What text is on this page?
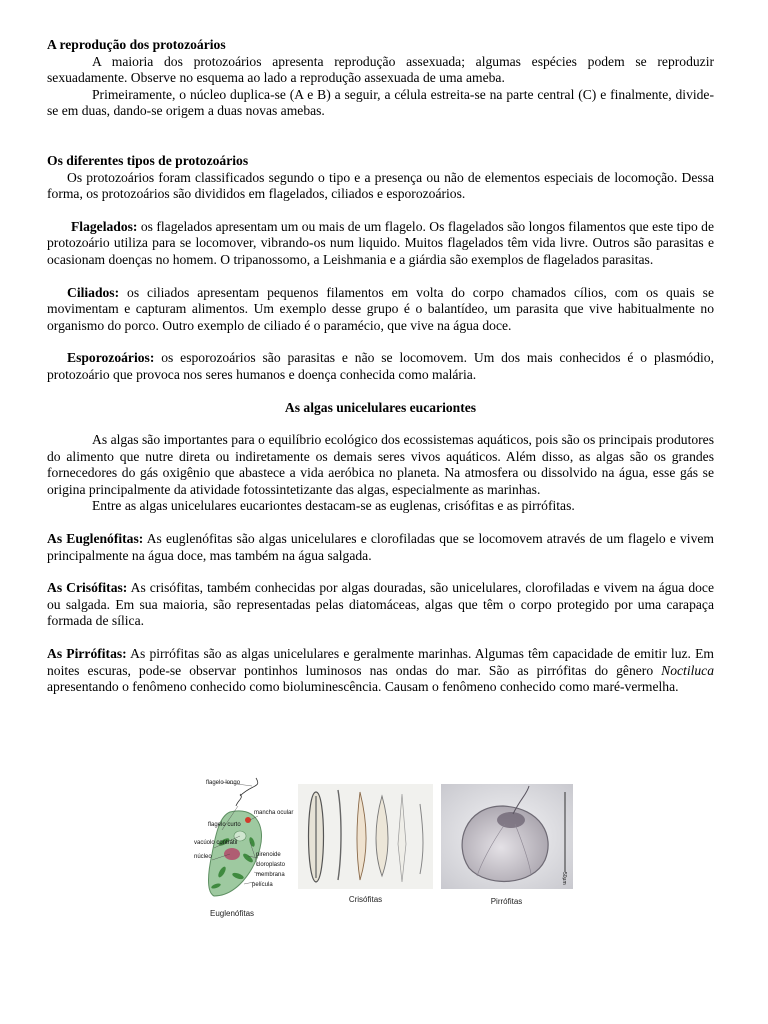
A reprodução dos protozoários

A maioria dos protozoários apresenta reprodução assexuada; algumas espécies podem se reproduzir sexuadamente. Observe no esquema ao lado a reprodução assexuada de uma ameba.

Primeiramente, o núcleo duplica-se (A e B) a seguir, a célula estreita-se na parte central (C) e finalmente, divide-se em duas, dando-se origem a duas novas amebas.

Os diferentes tipos de protozoários

Os protozoários foram classificados segundo o tipo e a presença ou não de elementos especiais de locomoção. Dessa forma, os protozoários são divididos em flagelados, ciliados e esporozoários.

Flagelados: os flagelados apresentam um ou mais de um flagelo. Os flagelados são longos filamentos que este tipo de protozoário utiliza para se locomover, vibrando-os num liquido. Muitos flagelados têm vida livre. Outros são parasitas e ocasionam doenças no homem. O tripanossomo, a Leishmania e a giárdia são exemplos de flagelados parasitas.

Ciliados: os ciliados apresentam pequenos filamentos em volta do corpo chamados cílios, com os quais se movimentam e capturam alimentos. Um exemplo desse grupo é o balantídeo, um parasita que vive habitualmente no organismo do porco. Outro exemplo de ciliado é o paramécio, que vive na água doce.

Esporozoários: os esporozoários são parasitas e não se locomovem. Um dos mais conhecidos é o plasmódio, protozoário que provoca nos seres humanos e doença conhecida como malária.

As algas unicelulares eucariontes

As algas são importantes para o equilíbrio ecológico dos ecossistemas aquáticos, pois são os principais produtores do alimento que nutre direta ou indiretamente os demais seres vivos aquáticos. Além disso, as algas são os grandes fornecedores do gás oxigênio que abastece a vida aeróbica no planeta. Na atmosfera ou dissolvido na água, esse gás se origina principalmente da atividade fotossintetizante das algas, especialmente as marinhas.

Entre as algas unicelulares eucariontes destacam-se as euglenas, crisófitas e as pirrófitas.

As Euglenófitas: As euglenófitas são algas unicelulares e clorofiladas que se locomovem através de um flagelo e vivem principalmente na água doce, mas também na água salgada.

As Crisófitas: As crisófitas, também conhecidas por algas douradas, são unicelulares, clorofiladas e vivem na água doce ou salgada. Em sua maioria, são representadas pelas diatomáceas, algas que têm o corpo protegido por uma carapaça formada de sílica.

As Pirrófitas: As pirrófitas são as algas unicelulares e geralmente marinhas. Algumas têm capacidade de emitir luz. Em noites escuras, pode-se observar pontinhos luminosos nas ondas do mar. São as pirrófitas do gênero Noctiluca apresentando o fenômeno conhecido como bioluminescência. Causam o fenômeno conhecido como maré-vermelha.

flagelo longo
mancha ocular
flagelo curto
vacúolo contrátil
núcleo	pirenoide
cloroplasto
membrana
película
Euglenófitas
Crisófitas
50µm
Pirrófitas
